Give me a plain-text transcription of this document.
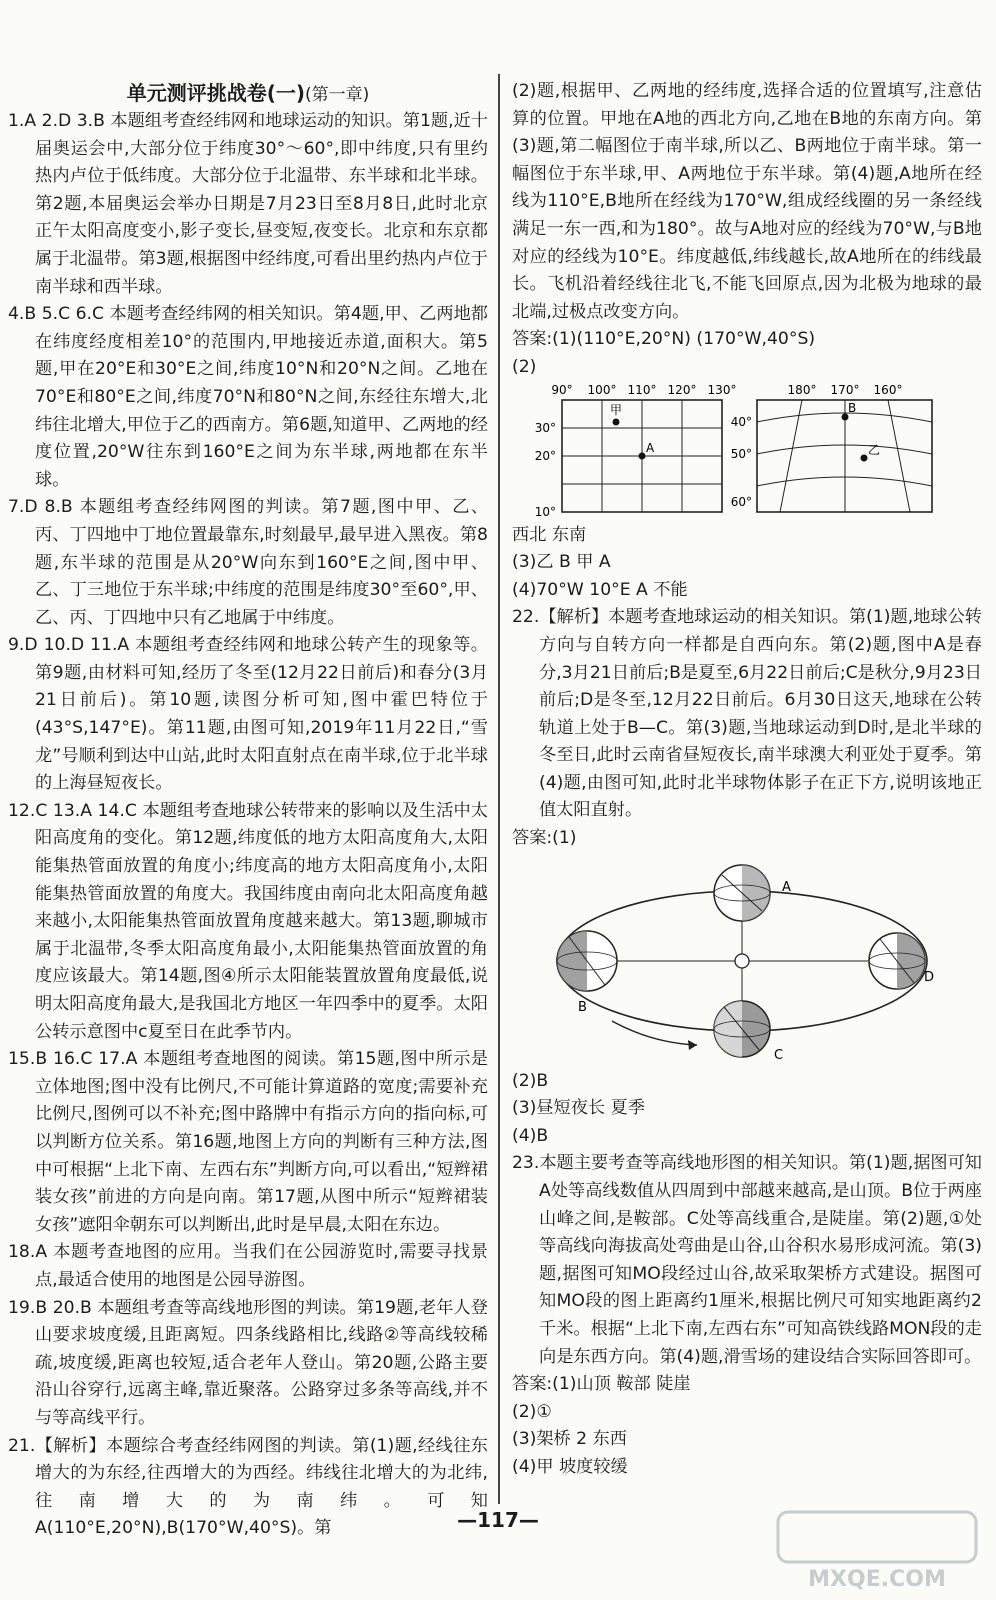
单元测评挑战卷(一)(第一章)

1.A 2.D 3.B 本题组考查经纬网和地球运动的知识。第1题,近十届奥运会中,大部分位于纬度30°～60°,即中纬度,只有里约热内卢位于低纬度。大部分位于北温带、东半球和北半球。第2题,本届奥运会举办日期是7月23日至8月8日,此时北京正午太阳高度变小,影子变长,昼变短,夜变长。北京和东京都属于北温带。第3题,根据图中经纬度,可看出里约热内卢位于南半球和西半球。

4.B 5.C 6.C 本题考查经纬网的相关知识。第4题,甲、乙两地都在纬度经度相差10°的范围内,甲地接近赤道,面积大。第5题,甲在20°E和30°E之间,纬度10°N和20°N之间。乙地在70°E和80°E之间,纬度70°N和80°N之间,东经往东增大,北纬往北增大,甲位于乙的西南方。第6题,知道甲、乙两地的经度位置,20°W往东到160°E之间为东半球,两地都在东半球。

7.D 8.B 本题组考查经纬网图的判读。第7题,图中甲、乙、丙、丁四地中丁地位置最靠东,时刻最早,最早进入黑夜。第8题,东半球的范围是从20°W向东到160°E之间,图中甲、乙、丁三地位于东半球;中纬度的范围是纬度30°至60°,甲、乙、丙、丁四地中只有乙地属于中纬度。

9.D 10.D 11.A 本题组考查经纬网和地球公转产生的现象等。第9题,由材料可知,经历了冬至(12月22日前后)和春分(3月21日前后)。第10题,读图分析可知,图中霍巴特位于(43°S,147°E)。第11题,由图可知,2019年11月22日,“雪龙”号顺利到达中山站,此时太阳直射点在南半球,位于北半球的上海昼短夜长。

12.C 13.A 14.C 本题组考查地球公转带来的影响以及生活中太阳高度角的变化。第12题,纬度低的地方太阳高度角大,太阳能集热管面放置的角度小;纬度高的地方太阳高度角小,太阳能集热管面放置的角度大。我国纬度由南向北太阳高度角越来越小,太阳能集热管面放置角度越来越大。第13题,聊城市属于北温带,冬季太阳高度角最小,太阳能集热管面放置的角度应该最大。第14题,图④所示太阳能装置放置角度最低,说明太阳高度角最大,是我国北方地区一年四季中的夏季。太阳公转示意图中c夏至日在此季节内。

15.B 16.C 17.A 本题组考查地图的阅读。第15题,图中所示是立体地图;图中没有比例尺,不可能计算道路的宽度;需要补充比例尺,图例可以不补充;图中路牌中有指示方向的指向标,可以判断方位关系。第16题,地图上方向的判断有三种方法,图中可根据“上北下南、左西右东”判断方向,可以看出,“短辫裙装女孩”前进的方向是向南。第17题,从图中所示“短辫裙装女孩”遮阳伞朝东可以判断出,此时是早晨,太阳在东边。

18.A 本题考查地图的应用。当我们在公园游览时,需要寻找景点,最适合使用的地图是公园导游图。

19.B 20.B 本题组考查等高线地形图的判读。第19题,老年人登山要求坡度缓,且距离短。四条线路相比,线路②等高线较稀疏,坡度缓,距离也较短,适合老年人登山。第20题,公路主要沿山谷穿行,远离主峰,靠近聚落。公路穿过多条等高线,并不与等高线平行。

21.【解析】本题综合考查经纬网图的判读。第(1)题,经线往东增大的为东经,往西增大的为西经。纬线往北增大的为北纬,往南增大的为南纬。可知A(110°E,20°N),B(170°W,40°S)。第

(2)题,根据甲、乙两地的经纬度,选择合适的位置填写,注意估算的位置。甲地在A地的西北方向,乙地在B地的东南方向。第(3)题,第二幅图位于南半球,所以乙、B两地位于南半球。第一幅图位于东半球,甲、A两地位于东半球。第(4)题,A地所在经线为110°E,B地所在经线为170°W,组成经线圈的另一条经线满足一东一西,和为180°。故与A地对应的经线为70°W,与B地对应的经线为10°E。纬度越低,纬线越长,故A地所在的纬线最长。飞机沿着经线往北飞,不能飞回原点,因为北极为地球的最北端,过极点改变方向。

答案:(1)(110°E,20°N) (170°W,40°S)

(2)

90° 100° 110° 120° 130°
30°
20°
10°
甲
A
180° 170° 160°
40°
50°
60°
B
乙

西北 东南

(3)乙 B 甲 A

(4)70°W 10°E A 不能

22.【解析】本题考查地球运动的相关知识。第(1)题,地球公转方向与自转方向一样都是自西向东。第(2)题,图中A是春分,3月21日前后;B是夏至,6月22日前后;C是秋分,9月23日前后;D是冬至,12月22日前后。6月30日这天,地球在公转轨道上处于B—C。第(3)题,当地球运动到D时,是北半球的冬至日,此时云南省昼短夜长,南半球澳大利亚处于夏季。第(4)题,由图可知,此时北半球物体影子在正下方,说明该地正值太阳直射。

答案:(1)

A
B
D
C

(2)B

(3)昼短夜长 夏季

(4)B

23.本题主要考查等高线地形图的相关知识。第(1)题,据图可知A处等高线数值从四周到中部越来越高,是山顶。B位于两座山峰之间,是鞍部。C处等高线重合,是陡崖。第(2)题,①处等高线向海拔高处弯曲是山谷,山谷积水易形成河流。第(3)题,据图可知MO段经过山谷,故采取架桥方式建设。据图可知MO段的图上距离约1厘米,根据比例尺可知实地距离约2千米。根据“上北下南,左西右东”可知高铁线路MON段的走向是东西方向。第(4)题,滑雪场的建设结合实际回答即可。

答案:(1)山顶 鞍部 陡崖

(2)①

(3)架桥 2 东西

(4)甲 坡度较缓

—117—
MXQE.COM
